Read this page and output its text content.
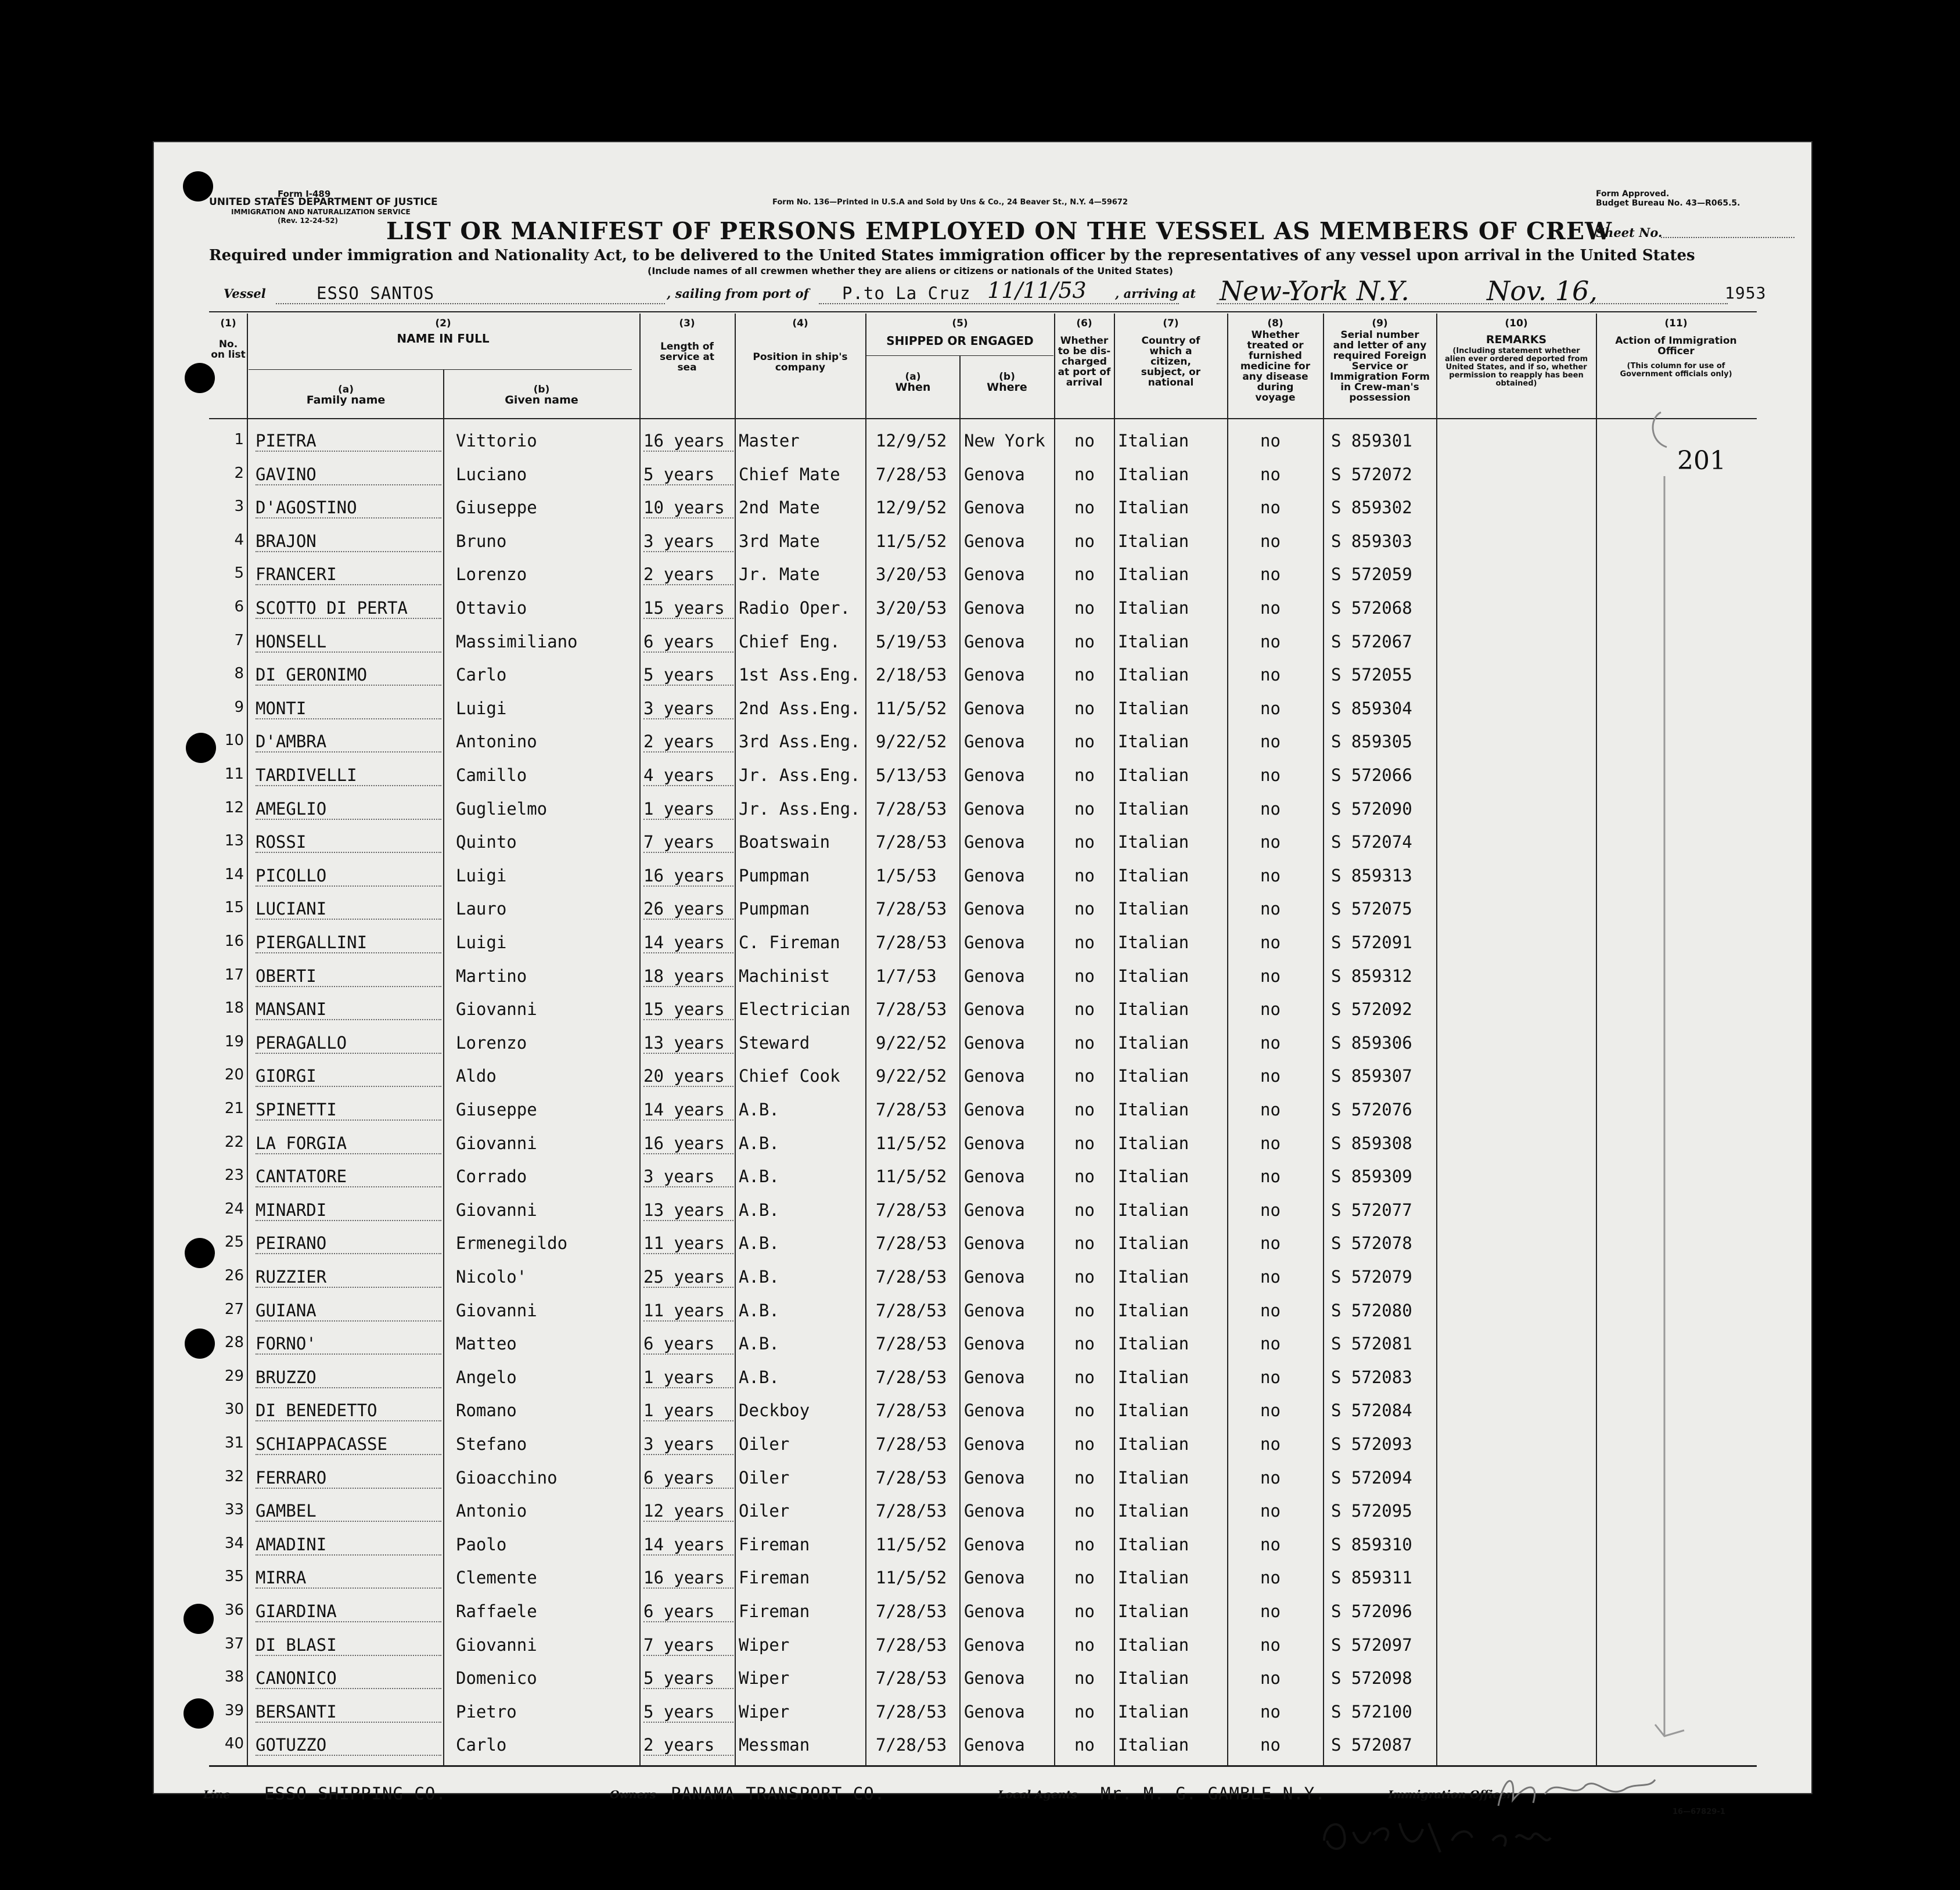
Form I-489
UNITED STATES DEPARTMENT OF JUSTICE
IMMIGRATION AND NATURALIZATION SERVICE
(Rev. 12-24-52)
Form No. 136—Printed in U.S.A and Sold by Uns & Co., 24 Beaver St., N.Y. 4—59672
Form Approved.
Budget Bureau No. 43—R065.5.
Sheet No.
LIST OR MANIFEST OF PERSONS EMPLOYED ON THE VESSEL AS MEMBERS OF CREW
Required under immigration and Nationality Act, to be delivered to the United States immigration officer by the representatives of any vessel upon arrival in the United States
(Include names of all crewmen whether they are aliens or citizens or nationals of the United States)
Vessel	ESSO SANTOS	, sailing from port of P.to La Cruz 11/11/53 , arriving at New-York N.Y.	Nov. 16,	1953
(1)
No. on list
(2)
NAME IN FULL
(a)
Family name
(b)
Given name
(3)
Length of service at sea
(4)
Position in ship's company
(5)
SHIPPED OR ENGAGED
(a)
When
(b)
Where
(6)
Whether to be dis-charged at port of arrival
(7)
Country of which a citizen, subject, or national
(8)
Whether treated or furnished medicine for any disease during voyage
(9)
Serial number and letter of any required Foreign Service or Immigration Form in Crew-man's possession
(10)
REMARKS
(Including statement whether alien ever ordered deported from United States, and if so, whether permission to reapply has been obtained)
(11)
Action of Immigration Officer
(This column for use of Government officials only)
1 PIETRA	Vittorio	16 years Master	12/9/52	New York	no	Italian	no	S 859301
2 GAVINO	Luciano	5 years	Chief Mate	7/28/53	Genova	no	Italian	no	S 572072
3 D'AGOSTINO	Giuseppe	10 years 2nd Mate	12/9/52	Genova	no	Italian	no	S 859302
4 BRAJON	Bruno	3 years	3rd Mate	11/5/52	Genova	no	Italian	no	S 859303
5 FRANCERI	Lorenzo	2 years	Jr. Mate	3/20/53	Genova	no	Italian	no	S 572059
6 SCOTTO DI PERTA	Ottavio	15 years Radio Oper.	3/20/53	Genova	no	Italian	no	S 572068
7 HONSELL	Massimiliano	6 years	Chief Eng.	5/19/53	Genova	no	Italian	no	S 572067
8 DI GERONIMO	Carlo	5 years	1st Ass.Eng. 2/18/53	Genova	no	Italian	no	S 572055
9 MONTI	Luigi	3 years	2nd Ass.Eng. 11/5/52	Genova	no	Italian	no	S 859304
10 D'AMBRA	Antonino	2 years	3rd Ass.Eng. 9/22/52	Genova	no	Italian	no	S 859305
11 TARDIVELLI	Camillo	4 years	Jr. Ass.Eng. 5/13/53	Genova	no	Italian	no	S 572066
12 AMEGLIO	Guglielmo	1 years	Jr. Ass.Eng. 7/28/53	Genova	no	Italian	no	S 572090
13 ROSSI	Quinto	7 years	Boatswain	7/28/53	Genova	no	Italian	no	S 572074
14 PICOLLO	Luigi	16 years Pumpman	1/5/53	Genova	no	Italian	no	S 859313
15 LUCIANI	Lauro	26 years Pumpman	7/28/53	Genova	no	Italian	no	S 572075
16 PIERGALLINI	Luigi	14 years C. Fireman	7/28/53	Genova	no	Italian	no	S 572091
17 OBERTI	Martino	18 years Machinist	1/7/53	Genova	no	Italian	no	S 859312
18 MANSANI	Giovanni	15 years Electrician	7/28/53	Genova	no	Italian	no	S 572092
19 PERAGALLO	Lorenzo	13 years Steward	9/22/52	Genova	no	Italian	no	S 859306
20 GIORGI	Aldo	20 years Chief Cook	9/22/52	Genova	no	Italian	no	S 859307
21 SPINETTI	Giuseppe	14 years A.B.	7/28/53	Genova	no	Italian	no	S 572076
22 LA FORGIA	Giovanni	16 years A.B.	11/5/52	Genova	no	Italian	no	S 859308
23 CANTATORE	Corrado	3 years	A.B.	11/5/52	Genova	no	Italian	no	S 859309
24 MINARDI	Giovanni	13 years A.B.	7/28/53	Genova	no	Italian	no	S 572077
25 PEIRANO	Ermenegildo	11 years A.B.	7/28/53	Genova	no	Italian	no	S 572078
26 RUZZIER	Nicolo'	25 years A.B.	7/28/53	Genova	no	Italian	no	S 572079
27 GUIANA	Giovanni	11 years A.B.	7/28/53	Genova	no	Italian	no	S 572080
28 FORNO'	Matteo	6 years	A.B.	7/28/53	Genova	no	Italian	no	S 572081
29 BRUZZO	Angelo	1 years	A.B.	7/28/53	Genova	no	Italian	no	S 572083
30 DI BENEDETTO	Romano	1 years	Deckboy	7/28/53	Genova	no	Italian	no	S 572084
31 SCHIAPPACASSE	Stefano	3 years	Oiler	7/28/53	Genova	no	Italian	no	S 572093
32 FERRARO	Gioacchino	6 years	Oiler	7/28/53	Genova	no	Italian	no	S 572094
33 GAMBEL	Antonio	12 years Oiler	7/28/53	Genova	no	Italian	no	S 572095
34 AMADINI	Paolo	14 years Fireman	11/5/52	Genova	no	Italian	no	S 859310
35 MIRRA	Clemente	16 years Fireman	11/5/52	Genova	no	Italian	no	S 859311
36 GIARDINA	Raffaele	6 years	Fireman	7/28/53	Genova	no	Italian	no	S 572096
37 DI BLASI	Giovanni	7 years	Wiper	7/28/53	Genova	no	Italian	no	S 572097
38 CANONICO	Domenico	5 years	Wiper	7/28/53	Genova	no	Italian	no	S 572098
39 BERSANTI	Pietro	5 years	Wiper	7/28/53	Genova	no	Italian	no	S 572100
40 GOTUZZO	Carlo	2 years	Messman	7/28/53	Genova	no	Italian	no	S 572087
201
Line ESSO SHIPPING CO.	Owners PANAMA TRANSPORT CO.	Local Agents Mr. M. G. GAMBLE N.Y.	Immigration Officer
16—67829-1
